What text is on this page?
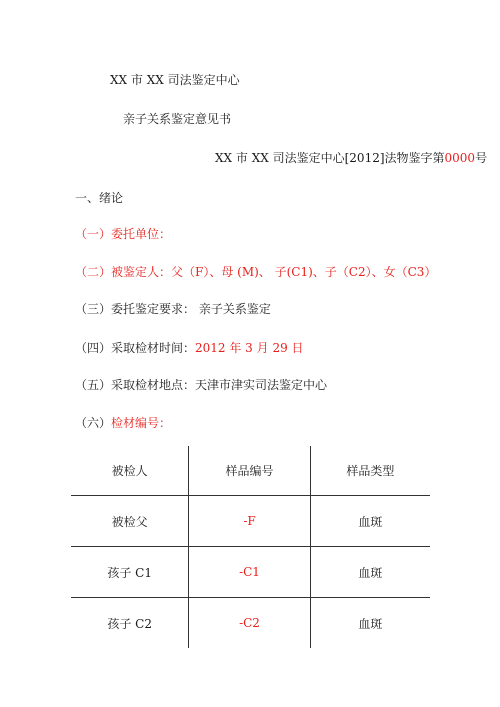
XX 市 XX 司法鉴定中心
亲子关系鉴定意见书
XX 市 XX 司法鉴定中心[2012]法物鉴字第0000号
一、绪论
（一）委托单位：
（二）被鉴定人：父（F）、母 (M)、 子(C1)、子（C2）、女（C3）
（三）委托鉴定要求： 亲子关系鉴定
（四）采取检材时间：2012 年 3 月 29 日
（五）采取检材地点：天津市津实司法鉴定中心
（六）检材编号：
被检人	样品编号	样品类型
被检父	-F	血斑
孩子 C1	-C1	血斑
孩子 C2	-C2	血斑
